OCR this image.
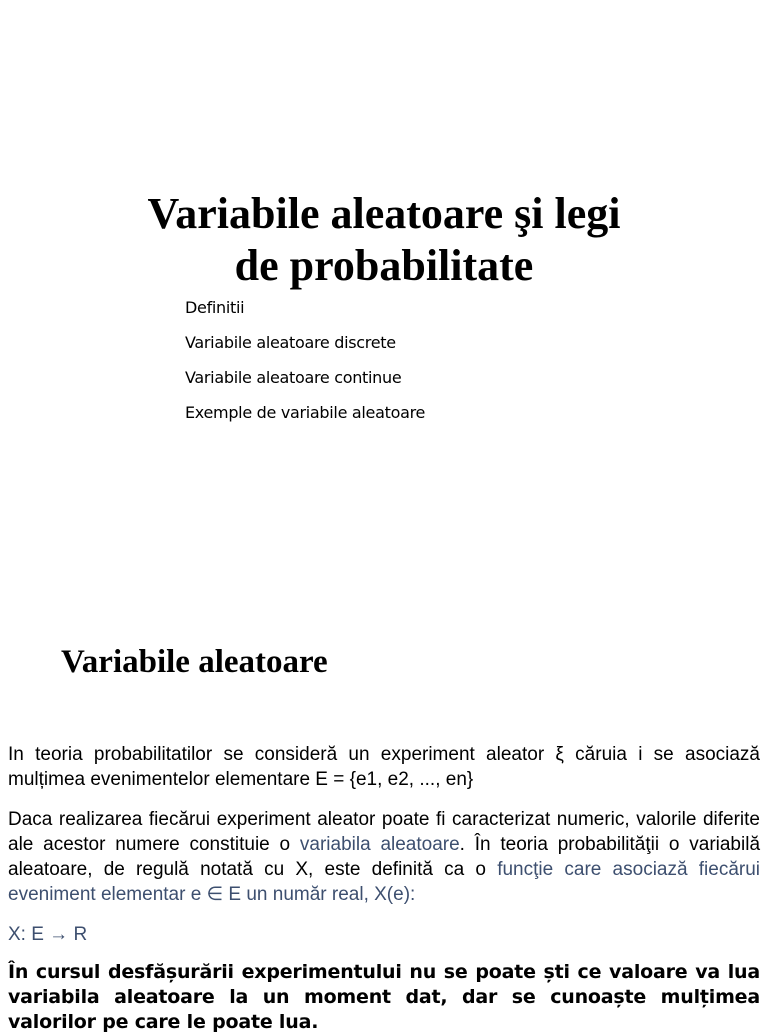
Variabile aleatoare şi legi
de probabilitate
Definitii
Variabile aleatoare discrete
Variabile aleatoare continue
Exemple de variabile aleatoare
Variabile aleatoare

In teoria probabilitatilor se consideră un experiment aleator ξ căruia i se asociază mulțimea evenimentelor elementare E = {e1, e2, ..., en}

Daca realizarea fiecărui experiment aleator poate fi caracterizat numeric, valorile diferite ale acestor numere constituie o variabila aleatoare. În teoria probabilităţii o variabilă aleatoare, de regulă notată cu X, este definită ca o funcţie care asociază fiecărui eveniment elementar e ∈ E un număr real, X(e):

X: E → R

În cursul desfășurării experimentului nu se poate ști ce valoare va lua variabila aleatoare la un moment dat, dar se cunoaște mulțimea valorilor pe care le poate lua.
